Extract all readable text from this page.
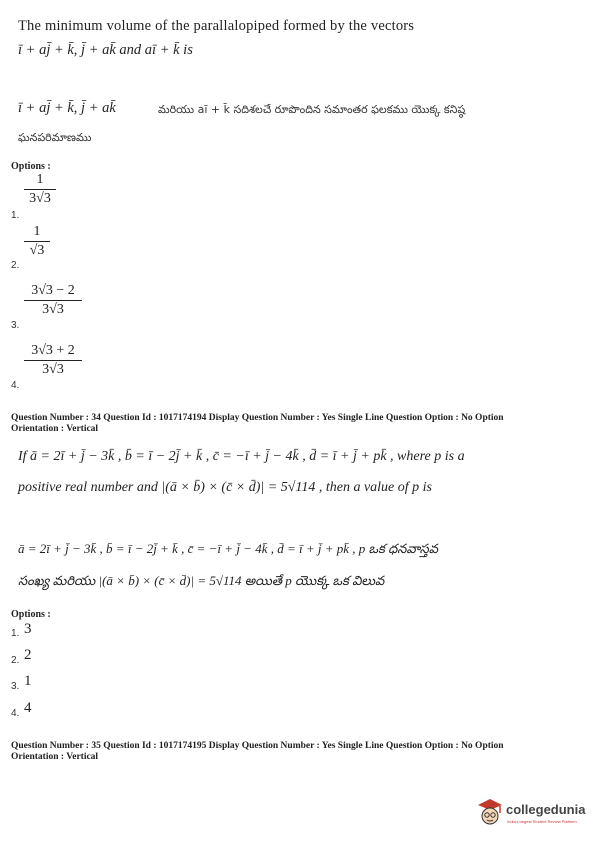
The minimum volume of the parallalopiped formed by the vectors
ī + aj̄ + k̄, j̄ + ak̄ and aī + k̄ is
ī + aj̄ + k̄, j̄ + ak̄	మరియు aī + k̄ సదిశలచే రూపొందిన సమాంతర ఫలకము యొక్క కనిష్ఠ
ఘనపరిమాణము
Options :
1.
1
3√3
2.
1
√3
3.
3√3 − 2
3√3
4.
3√3 + 2
3√3
Question Number : 34 Question Id : 1017174194 Display Question Number : Yes Single Line Question Option : No Option
Orientation : Vertical
If ā = 2ī + j̄ − 3k̄ , b̄ = ī − 2j̄ + k̄ , c̄ = −ī + j̄ − 4k̄ , d̄ = ī + j̄ + pk̄ , where p is a
positive real number and |(ā × b̄) × (c̄ × d̄)| = 5√114 , then a value of p is
ā = 2ī + j̄ − 3k̄ , b̄ = ī − 2j̄ + k̄ , c̄ = −ī + j̄ − 4k̄ , d̄ = ī + j̄ + pk̄ , p ఒక ధనవాస్తవ
సంఖ్య మరియు |(ā × b̄) × (c̄ × d̄)| = 5√114 అయితే p యొక్క ఒక విలువ
Options :
1. 3
2. 2
3. 1
4. 4
Question Number : 35 Question Id : 1017174195 Display Question Number : Yes Single Line Question Option : No Option
Orientation : Vertical
collegedunia
India's largest Student Review Platform
